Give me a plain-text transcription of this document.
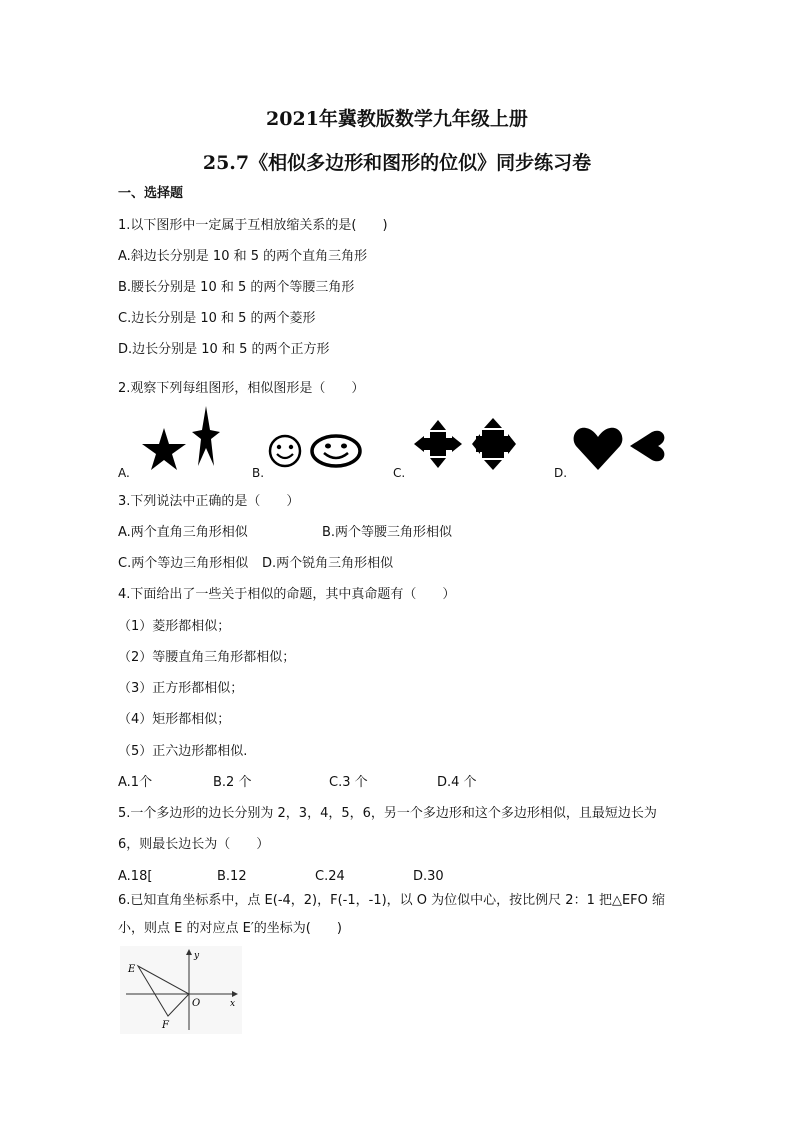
2021年冀教版数学九年级上册
25.7《相似多边形和图形的位似》同步练习卷
一、选择题
1.以下图形中一定属于互相放缩关系的是(　　)
A.斜边长分别是 10 和 5 的两个直角三角形
B.腰长分别是 10 和 5 的两个等腰三角形
C.边长分别是 10 和 5 的两个菱形
D.边长分别是 10 和 5 的两个正方形
2.观察下列每组图形，相似图形是（　　）
A.	B.	C.	D.
3.下列说法中正确的是（　　）
A.两个直角三角形相似	B.两个等腰三角形相似
C.两个等边三角形相似 D.两个锐角三角形相似
4.下面给出了一些关于相似的命题，其中真命题有（　　）
（1）菱形都相似；
（2）等腰直角三角形都相似；
（3）正方形都相似；
（4）矩形都相似；
（5）正六边形都相似.
A.1个	B.2 个	C.3 个	D.4 个
5.一个多边形的边长分别为 2，3，4，5，6，另一个多边形和这个多边形相似，且最短边长为
6，则最长边长为（　　）
A.18[	B.12	C.24	D.30
6.已知直角坐标系中，点 E(-4，2)，F(-1，-1)，以 O 为位似中心，按比例尺 2：1 把△EFO 缩
小，则点 E 的对应点 E′的坐标为(　　)
E
F
O	x
y
